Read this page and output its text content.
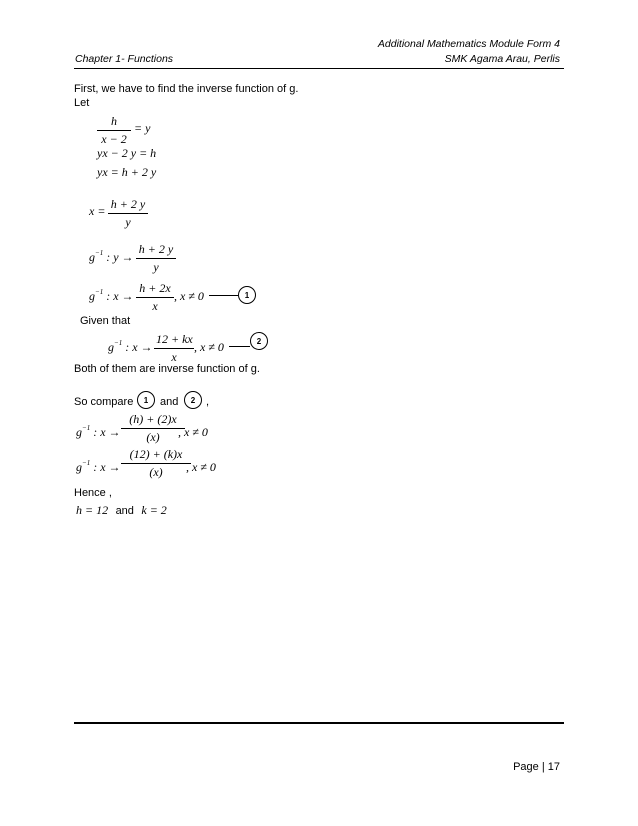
Additional Mathematics Module Form 4
SMK Agama Arau, Perlis
Chapter 1- Functions
First, we have to find the inverse function of g.
Let
h
x − 2
= y
yx − 2 y = h
yx = h + 2 y
x = h + 2 y
y
$g^{-1}$ : y →
h + 2 y
y
$g^{-1}$ : x →
h + 2x
x
, x ≠ 0	1
Given that
$g^{-1}$ : x →
12 + kx
x
, x ≠ 0	2
Both of them are inverse function of g.
So compare	1	and	2 ,
$g^{-1}$ : x →
(h) + (2)x
(x)	, x ≠ 0
$g^{-1}$ : x →
(12) + (k)x
(x)	, x ≠ 0
Hence ,
h = 12 and k = 2
Page | 17
